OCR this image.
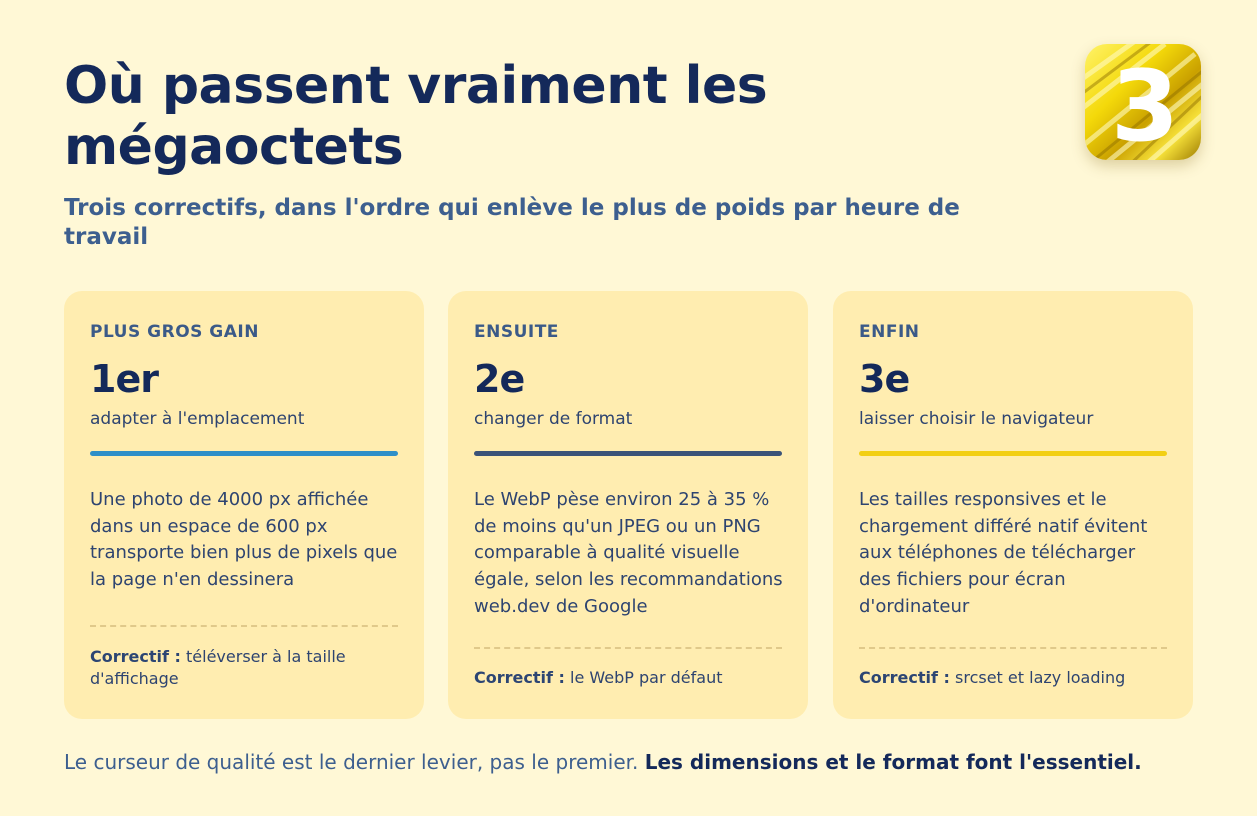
Où passent vraiment les mégaoctets

Trois correctifs, dans l'ordre qui enlève le plus de poids par heure de travail

3
PLUS GROS GAIN
1er
adapter à l'emplacement
Une photo de 4000 px affichée dans un espace de 600 px transporte bien plus de pixels que la page n'en dessinera
Correctif : téléverser à la taille d'affichage
ENSUITE
2e
changer de format
Le WebP pèse environ 25 à 35 % de moins qu'un JPEG ou un PNG comparable à qualité visuelle égale, selon les recommandations web.dev de Google
Correctif : le WebP par défaut
ENFIN
3e
laisser choisir le navigateur
Les tailles responsives et le chargement différé natif évitent aux téléphones de télécharger des fichiers pour écran d'ordinateur
Correctif : srcset et lazy loading

Le curseur de qualité est le dernier levier, pas le premier. Les dimensions et le format font l'essentiel.
